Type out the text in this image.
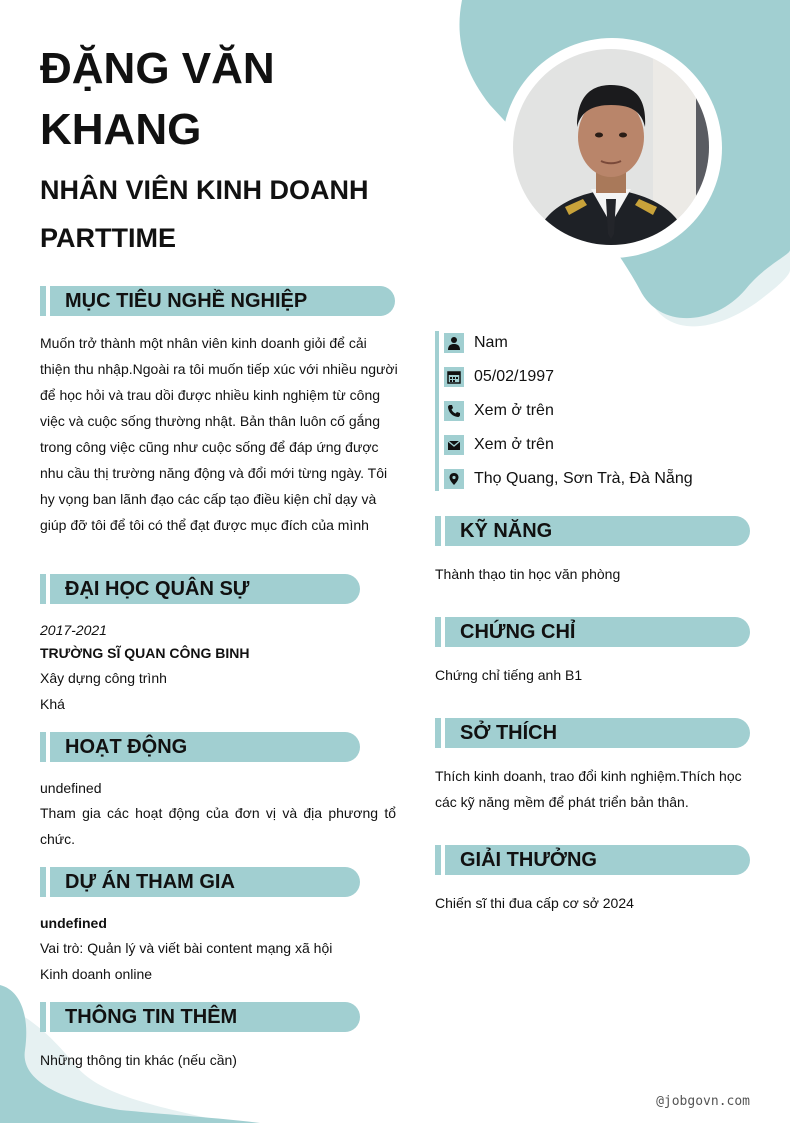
ĐẶNG VĂN
KHANG
NHÂN VIÊN KINH DOANH
PARTTIME
MỤC TIÊU NGHỀ NGHIỆP

Muốn trở thành một nhân viên kinh doanh giỏi để cải thiện thu nhập.Ngoài ra tôi muốn tiếp xúc với nhiều người để học hỏi và trau dồi được nhiều kinh nghiệm từ công việc và cuộc sống thường nhật. Bản thân luôn cố gắng trong công việc cũng như cuộc sống để đáp ứng được nhu cầu thị trường năng động và đổi mới từng ngày. Tôi hy vọng ban lãnh đạo các cấp tạo điều kiện chỉ dạy và giúp đỡ tôi để tôi có thể đạt được mục đích của mình

ĐẠI HỌC QUÂN SỰ
2017-2021
TRƯỜNG SĨ QUAN CÔNG BINH
Xây dựng công trình
Khá
HOẠT ĐỘNG
undefined

Tham gia các hoạt động của đơn vị và địa phương tổ chức.

DỰ ÁN THAM GIA
undefined
Vai trò: Quản lý và viết bài content mạng xã hội
Kinh doanh online
THÔNG TIN THÊM
Những thông tin khác (nếu cần)
Nam
05/02/1997
Xem ở trên
Xem ở trên
Thọ Quang, Sơn Trà, Đà Nẵng
KỸ NĂNG
Thành thạo tin học văn phòng
CHỨNG CHỈ
Chứng chỉ tiếng anh B1
SỞ THÍCH

Thích kinh doanh, trao đổi kinh nghiệm.Thích học các kỹ năng mềm để phát triển bản thân.

GIẢI THƯỞNG
Chiến sĩ thi đua cấp cơ sở 2024
@jobgovn.com
